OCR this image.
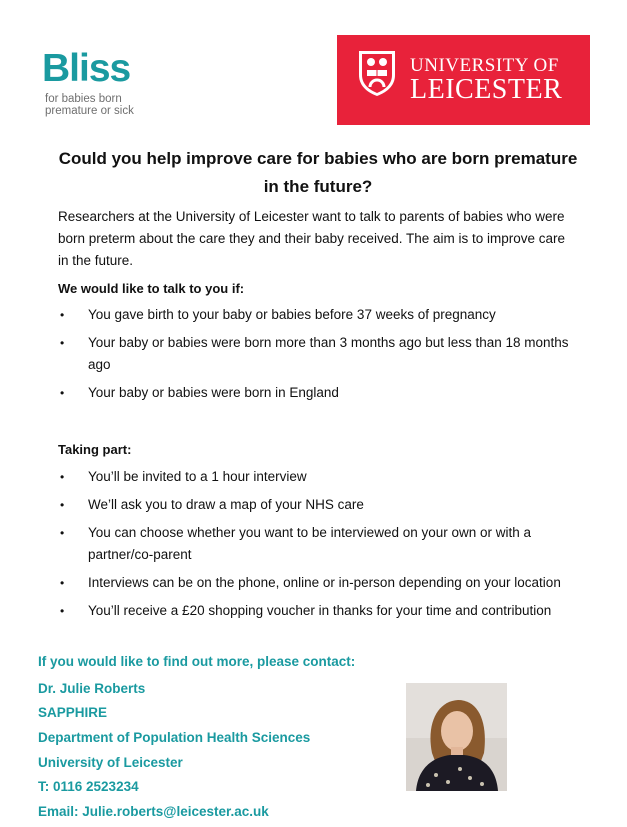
Bliss
for babies born
premature or sick
UNIVERSITY OF
LEICESTER
Could you help improve care for babies who are born premature
in the future?
Researchers at the University of Leicester want to talk to parents of babies who were born preterm about the care they and their baby received. The aim is to improve care in the future.
We would like to talk to you if:
• You gave birth to your baby or babies before 37 weeks of pregnancy
• Your baby or babies were born more than 3 months ago but less than 18 months ago
• Your baby or babies were born in England
Taking part:
• You’ll be invited to a 1 hour interview
• We’ll ask you to draw a map of your NHS care
• You can choose whether you want to be interviewed on your own or with a partner/co-parent
• Interviews can be on the phone, online or in-person depending on your location
• You’ll receive a £20 shopping voucher in thanks for your time and contribution
If you would like to find out more, please contact:
Dr. Julie Roberts
SAPPHIRE
Department of Population Health Sciences
University of Leicester
T: 0116 2523234
Email: Julie.roberts@leicester.ac.uk
